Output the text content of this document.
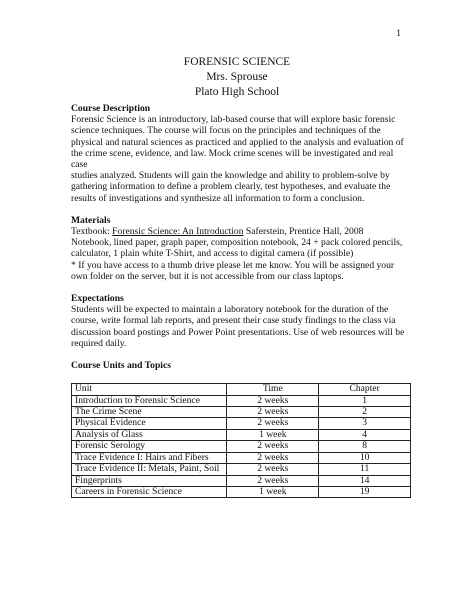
1
FORENSIC SCIENCE
Mrs. Sprouse
Plato High School

Course Description

Forensic Science is an introductory, lab-based course that will explore basic forensic

science techniques. The course will focus on the principles and techniques of the

physical and natural sciences as practiced and applied to the analysis and evaluation of

the crime scene, evidence, and law. Mock crime scenes will be investigated and real case

studies analyzed. Students will gain the knowledge and ability to problem-solve by

gathering information to define a problem clearly, test hypotheses, and evaluate the

results of investigations and synthesize all information to form a conclusion.

Materials

Textbook: Forensic Science: An Introduction Saferstein, Prentice Hall, 2008

Notebook, lined paper, graph paper, composition notebook, 24 + pack colored pencils,

calculator, 1 plain white T-Shirt, and access to digital camera (if possible)

* If you have access to a thumb drive please let me know. You will be assigned your

own folder on the server, but it is not accessible from our class laptops.

Expectations

Students will be expected to maintain a laboratory notebook for the duration of the

course, write formal lab reports, and present their case study findings to the class via

discussion board postings and Power Point presentations. Use of web resources will be

required daily.

Course Units and Topics

Unit	Time	Chapter
Introduction to Forensic Science	2 weeks	1
The Crime Scene	2 weeks	2
Physical Evidence	2 weeks	3
Analysis of Glass	1 week	4
Forensic Serology	2 weeks	8
Trace Evidence I: Hairs and Fibers	2 weeks	10
Trace Evidence II: Metals, Paint, Soil	2 weeks	11
Fingerprints	2 weeks	14
Careers in Forensic Science	1 week	19
